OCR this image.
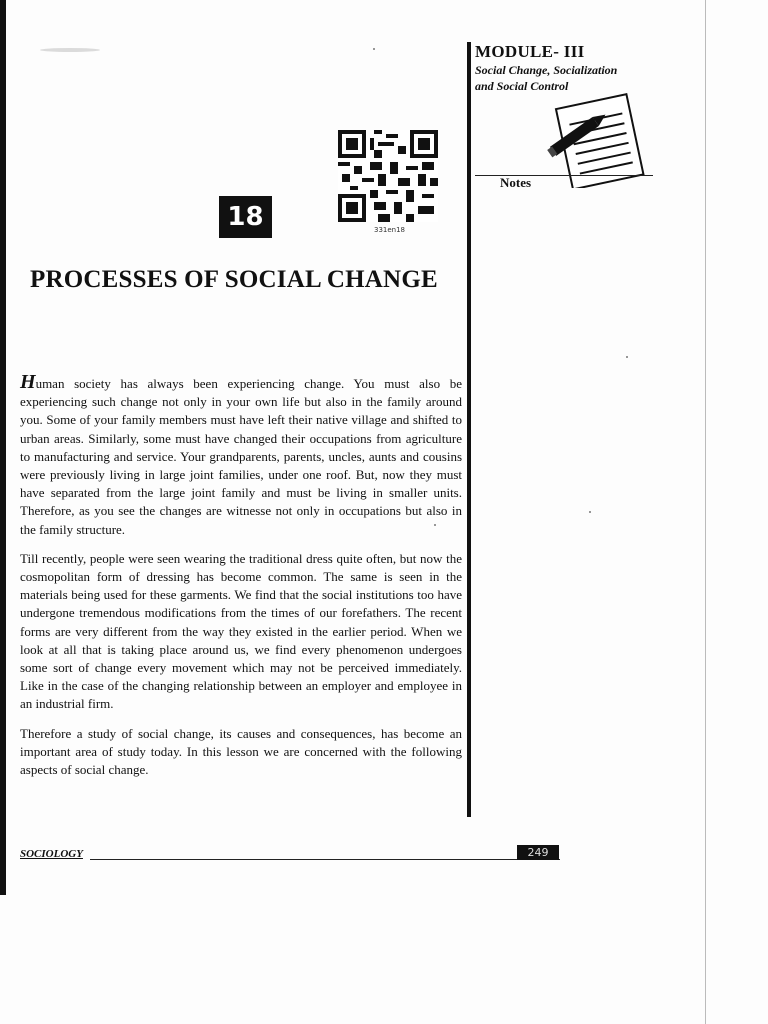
MODULE- III

Social Change, Socialization

and Social Control

Notes
331en18
18
PROCESSES OF SOCIAL CHANGE

Human society has always been experiencing change. You must also be experiencing such change not only in your own life but also in the family around you. Some of your family members must have left their native village and shifted to urban areas. Similarly, some must have changed their occupations from agriculture to manufacturing and service. Your grandparents, parents, uncles, aunts and cousins were previously living in large joint families, under one roof. But, now they must have separated from the large joint family and must be living in smaller units. Therefore, as you see the changes are witnesse not only in occupations but also in the family structure.

Till recently, people were seen wearing the traditional dress quite often, but now the cosmopolitan form of dressing has become common. The same is seen in the materials being used for these garments. We find that the social institutions too have undergone tremendous modifications from the times of our forefathers. The recent forms are very different from the way they existed in the earlier period. When we look at all that is taking place around us, we find every phenomenon undergoes some sort of change every movement which may not be perceived immediately. Like in the case of the changing relationship between an employer and employee in an industrial firm.

Therefore a study of social change, its causes and consequences, has become an important area of study today. In this lesson we are concerned with the following aspects of social change.

SOCIOLOGY	249
